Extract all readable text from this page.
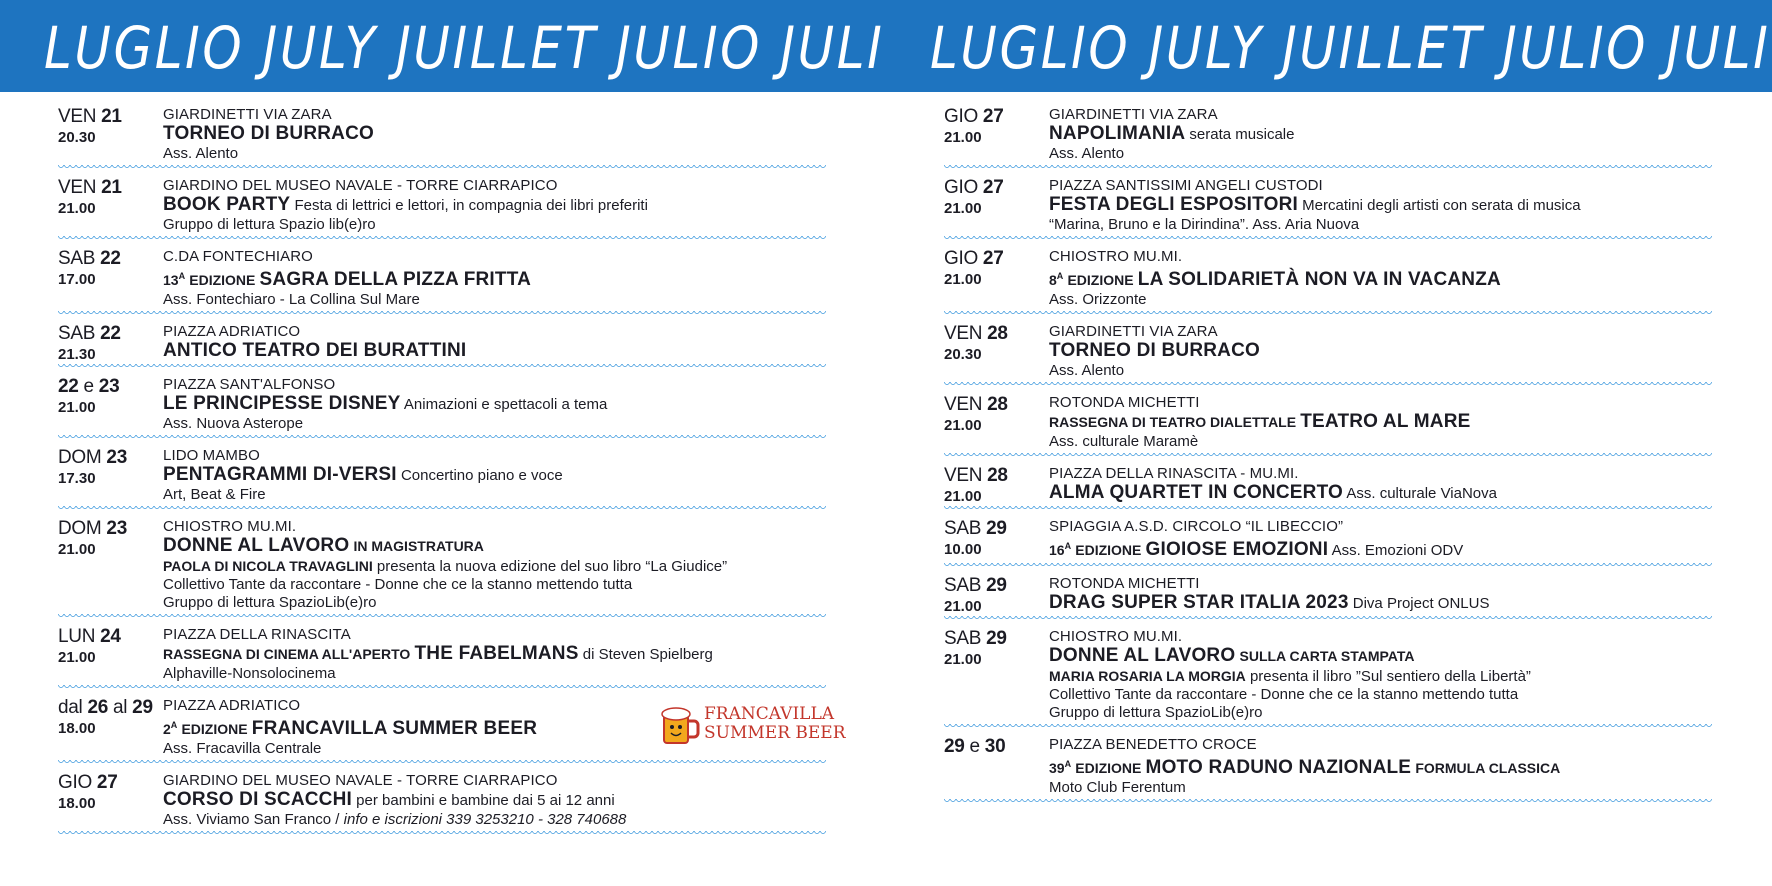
LUGLIO JULY JUILLET JULIO JULI LUGLIO JULY JUILLET JULIO JULI
VEN 21
20.30
GIARDINETTI VIA ZARA
TORNEO DI BURRACO
Ass. Alento
VEN 21
21.00
GIARDINO DEL MUSEO NAVALE - TORRE CIARRAPICO
BOOK PARTY Festa di lettrici e lettori, in compagnia dei libri preferiti
Gruppo di lettura Spazio lib(e)ro
SAB 22
17.00
C.DA FONTECHIARO
$13^A$ EDIZIONE SAGRA DELLA PIZZA FRITTA
Ass. Fontechiaro - La Collina Sul Mare
SAB 22
21.30
PIAZZA ADRIATICO
ANTICO TEATRO DEI BURATTINI
22 e 23
21.00
PIAZZA SANT'ALFONSO
LE PRINCIPESSE DISNEY Animazioni e spettacoli a tema
Ass. Nuova Asterope
DOM 23
17.30
LIDO MAMBO
PENTAGRAMMI DI-VERSI Concertino piano e voce
Art, Beat & Fire
DOM 23
21.00
CHIOSTRO MU.MI.
DONNE AL LAVORO IN MAGISTRATURA
PAOLA DI NICOLA TRAVAGLINI presenta la nuova edizione del suo libro “La Giudice”
Collettivo Tante da raccontare - Donne che ce la stanno mettendo tutta
Gruppo di lettura SpazioLib(e)ro
LUN 24
21.00
PIAZZA DELLA RINASCITA
RASSEGNA DI CINEMA ALL'APERTO THE FABELMANS di Steven Spielberg
Alphaville-Nonsolocinema
dal 26 al 29
18.00
PIAZZA ADRIATICO
$2^A$ EDIZIONE FRANCAVILLA SUMMER BEER
Ass. Fracavilla Centrale
FRANCAVILLA
SUMMER BEER
GIO 27
18.00
GIARDINO DEL MUSEO NAVALE - TORRE CIARRAPICO
CORSO DI SCACCHI per bambini e bambine dai 5 ai 12 anni
Ass. Viviamo San Franco / info e iscrizioni 339 3253210 - 328 740688
GIO 27
21.00
GIARDINETTI VIA ZARA
NAPOLIMANIA serata musicale
Ass. Alento
GIO 27
21.00
PIAZZA SANTISSIMI ANGELI CUSTODI
FESTA DEGLI ESPOSITORI Mercatini degli artisti con serata di musica
“Marina, Bruno e la Dirindina”. Ass. Aria Nuova
GIO 27
21.00
CHIOSTRO MU.MI.
$8^A$ EDIZIONE LA SOLIDARIETÀ NON VA IN VACANZA
Ass. Orizzonte
VEN 28
20.30
GIARDINETTI VIA ZARA
TORNEO DI BURRACO
Ass. Alento
VEN 28
21.00
ROTONDA MICHETTI
RASSEGNA DI TEATRO DIALETTALE TEATRO AL MARE
Ass. culturale Maramè
VEN 28
21.00
PIAZZA DELLA RINASCITA - MU.MI.
ALMA QUARTET IN CONCERTO Ass. culturale ViaNova
SAB 29
10.00
SPIAGGIA A.S.D. CIRCOLO “IL LIBECCIO”
$16^A$ EDIZIONE GIOIOSE EMOZIONI Ass. Emozioni ODV
SAB 29
21.00
ROTONDA MICHETTI
DRAG SUPER STAR ITALIA 2023 Diva Project ONLUS
SAB 29
21.00
CHIOSTRO MU.MI.
DONNE AL LAVORO SULLA CARTA STAMPATA
MARIA ROSARIA LA MORGIA presenta il libro ”Sul sentiero della Libertà”
Collettivo Tante da raccontare - Donne che ce la stanno mettendo tutta
Gruppo di lettura SpazioLib(e)ro
29 e 30	PIAZZA BENEDETTO CROCE
$39^A$ EDIZIONE MOTO RADUNO NAZIONALE FORMULA CLASSICA
Moto Club Ferentum
